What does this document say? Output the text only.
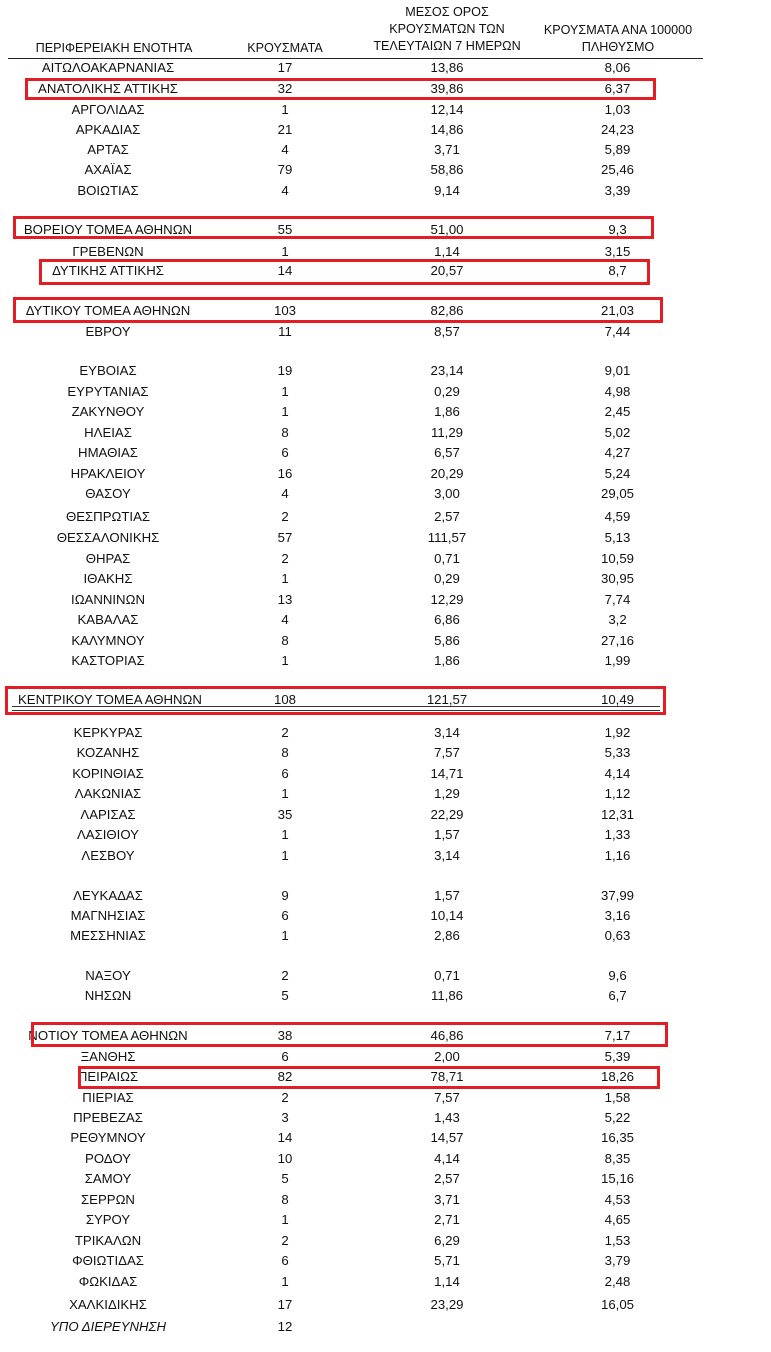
ΠΕΡΙΦΕΡΕΙΑΚΗ ΕΝΟΤΗΤΑ	ΚΡΟΥΣΜΑΤΑ
ΜΕΣΟΣ ΟΡΟΣ
ΚΡΟΥΣΜΑΤΩΝ ΤΩΝ
ΤΕΛΕΥΤΑΙΩΝ 7 ΗΜΕΡΩΝ
ΚΡΟΥΣΜΑΤΑ ΑΝΑ 100000
ΠΛΗΘΥΣΜΟ
ΑΙΤΩΛΟΑΚΑΡΝΑΝΙΑΣ	17	13,86	8,06
ΑΝΑΤΟΛΙΚΗΣ ΑΤΤΙΚΗΣ	32	39,86	6,37
ΑΡΓΟΛΙΔΑΣ	1	12,14	1,03
ΑΡΚΑΔΙΑΣ	21	14,86	24,23
ΑΡΤΑΣ	4	3,71	5,89
ΑΧΑΪΑΣ	79	58,86	25,46
ΒΟΙΩΤΙΑΣ	4	9,14	3,39
ΒΟΡΕΙΟΥ ΤΟΜΕΑ ΑΘΗΝΩΝ	55	51,00	9,3
ΓΡΕΒΕΝΩΝ	1	1,14	3,15
ΔΥΤΙΚΗΣ ΑΤΤΙΚΗΣ	14	20,57	8,7
ΔΥΤΙΚΟΥ ΤΟΜΕΑ ΑΘΗΝΩΝ	103	82,86	21,03
ΕΒΡΟΥ	11	8,57	7,44
ΕΥΒΟΙΑΣ	19	23,14	9,01
ΕΥΡΥΤΑΝΙΑΣ	1	0,29	4,98
ΖΑΚΥΝΘΟΥ	1	1,86	2,45
ΗΛΕΙΑΣ	8	11,29	5,02
ΗΜΑΘΙΑΣ	6	6,57	4,27
ΗΡΑΚΛΕΙΟΥ	16	20,29	5,24
ΘΑΣΟΥ	4	3,00	29,05
ΘΕΣΠΡΩΤΙΑΣ	2	2,57	4,59
ΘΕΣΣΑΛΟΝΙΚΗΣ	57	111,57	5,13
ΘΗΡΑΣ	2	0,71	10,59
ΙΘΑΚΗΣ	1	0,29	30,95
ΙΩΑΝΝΙΝΩΝ	13	12,29	7,74
ΚΑΒΑΛΑΣ	4	6,86	3,2
ΚΑΛΥΜΝΟΥ	8	5,86	27,16
ΚΑΣΤΟΡΙΑΣ	1	1,86	1,99
ΚΕΝΤΡΙΚΟΥ ΤΟΜΕΑ ΑΘΗΝΩΝ	108	121,57	10,49
ΚΕΡΚΥΡΑΣ	2	3,14	1,92
ΚΟΖΑΝΗΣ	8	7,57	5,33
ΚΟΡΙΝΘΙΑΣ	6	14,71	4,14
ΛΑΚΩΝΙΑΣ	1	1,29	1,12
ΛΑΡΙΣΑΣ	35	22,29	12,31
ΛΑΣΙΘΙΟΥ	1	1,57	1,33
ΛΕΣΒΟΥ	1	3,14	1,16
ΛΕΥΚΑΔΑΣ	9	1,57	37,99
ΜΑΓΝΗΣΙΑΣ	6	10,14	3,16
ΜΕΣΣΗΝΙΑΣ	1	2,86	0,63
ΝΑΞΟΥ	2	0,71	9,6
ΝΗΣΩΝ	5	11,86	6,7
ΝΟΤΙΟΥ ΤΟΜΕΑ ΑΘΗΝΩΝ	38	46,86	7,17
ΞΑΝΘΗΣ	6	2,00	5,39
ΠΕΙΡΑΙΩΣ	82	78,71	18,26
ΠΙΕΡΙΑΣ	2	7,57	1,58
ΠΡΕΒΕΖΑΣ	3	1,43	5,22
ΡΕΘΥΜΝΟΥ	14	14,57	16,35
ΡΟΔΟΥ	10	4,14	8,35
ΣΑΜΟΥ	5	2,57	15,16
ΣΕΡΡΩΝ	8	3,71	4,53
ΣΥΡΟΥ	1	2,71	4,65
ΤΡΙΚΑΛΩΝ	2	6,29	1,53
ΦΘΙΩΤΙΔΑΣ	6	5,71	3,79
ΦΩΚΙΔΑΣ	1	1,14	2,48
ΧΑΛΚΙΔΙΚΗΣ	17	23,29	16,05
ΥΠΟ ΔΙΕΡΕΥΝΗΣΗ	12
